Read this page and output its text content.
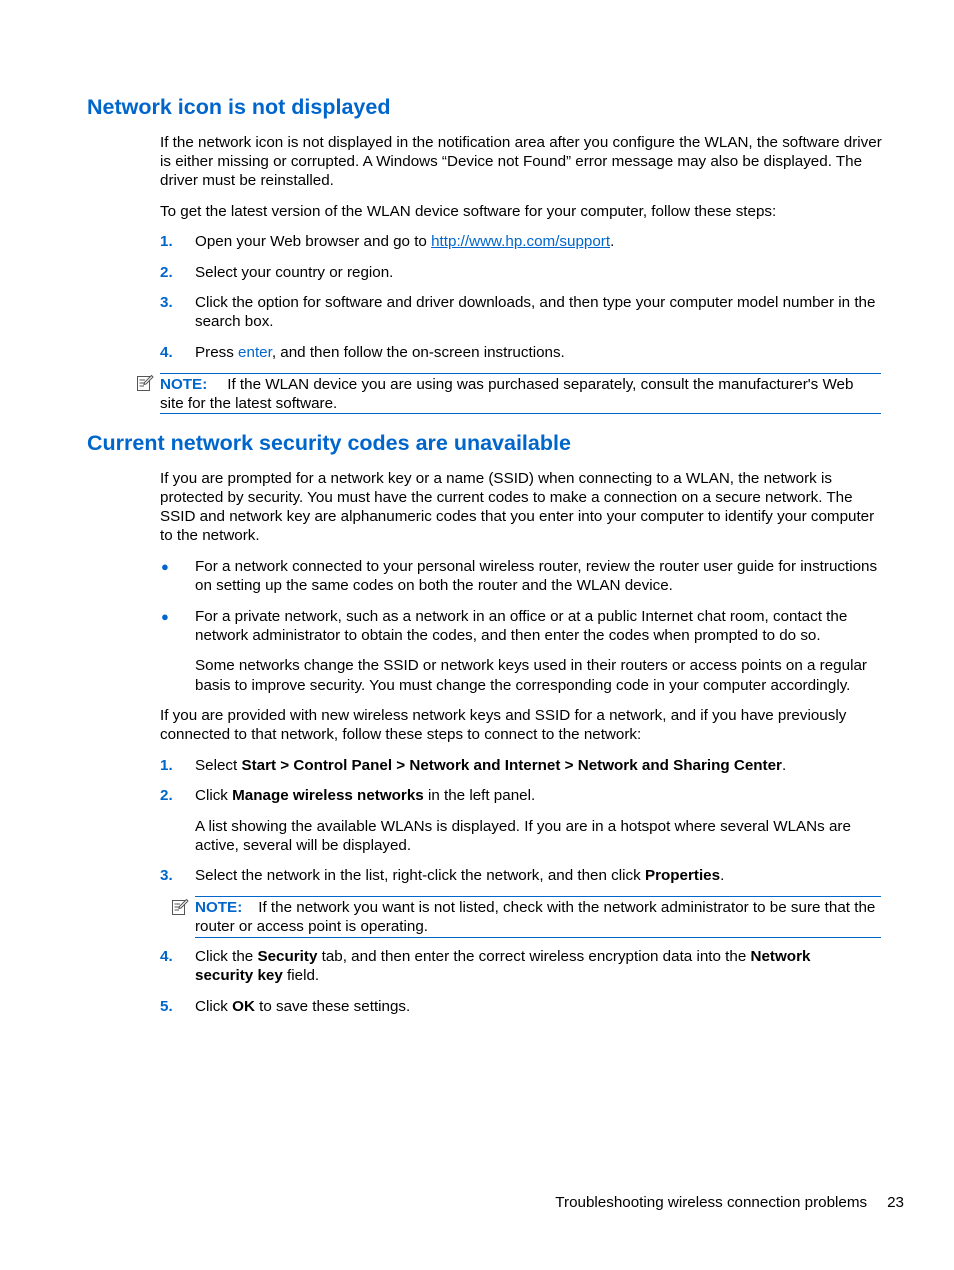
Network icon is not displayed
If the network icon is not displayed in the notification area after you configure the WLAN, the software driver is either missing or corrupted. A Windows “Device not Found” error message may also be displayed. The driver must be reinstalled.
To get the latest version of the WLAN device software for your computer, follow these steps:
1. Open your Web browser and go to http://www.hp.com/support.
2. Select your country or region.
3. Click the option for software and driver downloads, and then type your computer model number in the search box.
4. Press enter, and then follow the on-screen instructions.
NOTE: If the WLAN device you are using was purchased separately, consult the manufacturer's Web site for the latest software.
Current network security codes are unavailable
If you are prompted for a network key or a name (SSID) when connecting to a WLAN, the network is protected by security. You must have the current codes to make a connection on a secure network. The SSID and network key are alphanumeric codes that you enter into your computer to identify your computer to the network.
● For a network connected to your personal wireless router, review the router user guide for instructions on setting up the same codes on both the router and the WLAN device.
● For a private network, such as a network in an office or at a public Internet chat room, contact the network administrator to obtain the codes, and then enter the codes when prompted to do so.
Some networks change the SSID or network keys used in their routers or access points on a regular basis to improve security. You must change the corresponding code in your computer accordingly.
If you are provided with new wireless network keys and SSID for a network, and if you have previously connected to that network, follow these steps to connect to the network:
1. Select Start > Control Panel > Network and Internet > Network and Sharing Center.
2. Click Manage wireless networks in the left panel.
A list showing the available WLANs is displayed. If you are in a hotspot where several WLANs are active, several will be displayed.
3. Select the network in the list, right-click the network, and then click Properties.
NOTE: If the network you want is not listed, check with the network administrator to be sure that the router or access point is operating.
4. Click the Security tab, and then enter the correct wireless encryption data into the Network security key field.
5. Click OK to save these settings.
Troubleshooting wireless connection problems 23
